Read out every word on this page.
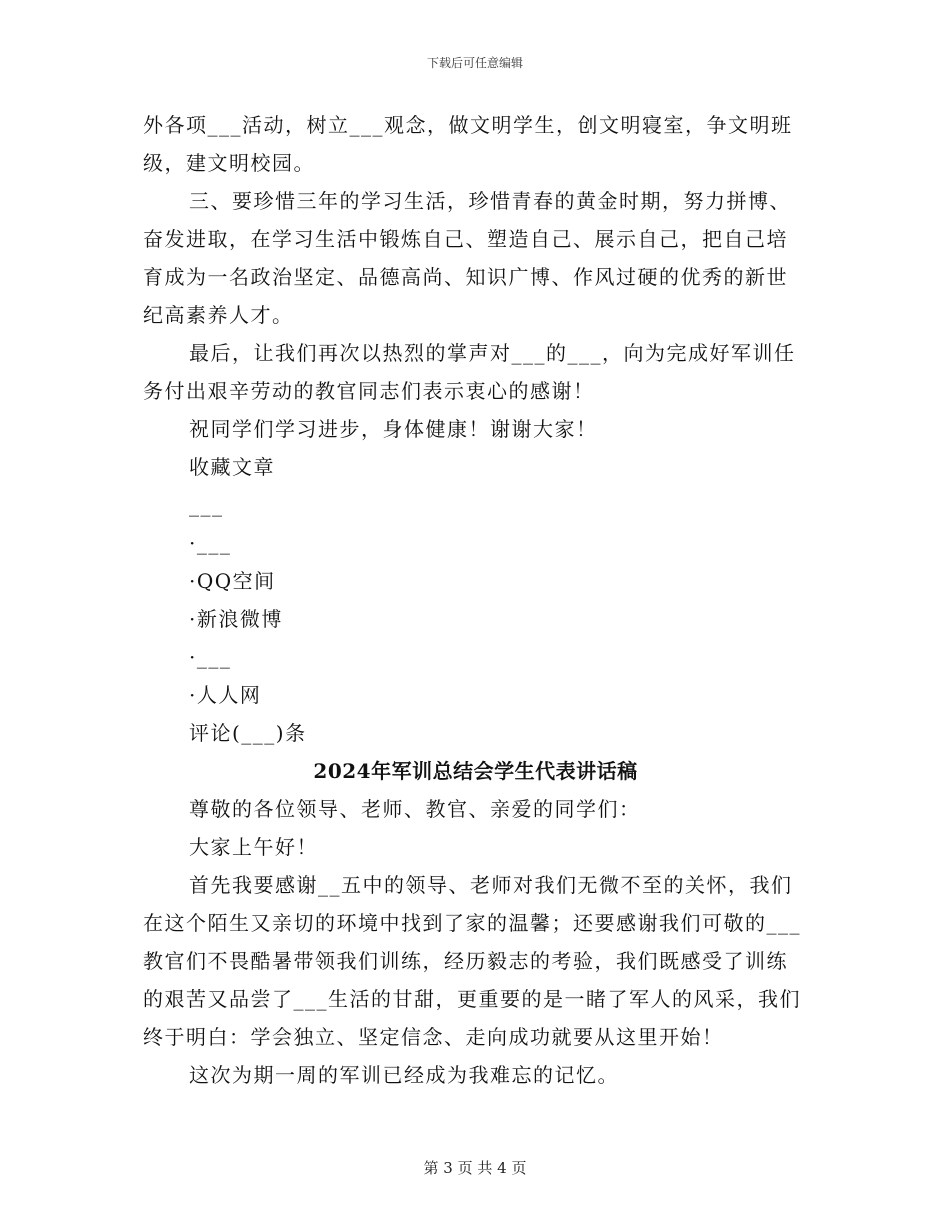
下载后可任意编辑
外各项___活动，树立___观念，做文明学生，创文明寝室，争文明班
级，建文明校园。
三、要珍惜三年的学习生活，珍惜青春的黄金时期，努力拼博、
奋发进取，在学习生活中锻炼自己、塑造自己、展示自己，把自己培
育成为一名政治坚定、品德高尚、知识广博、作风过硬的优秀的新世
纪高素养人才。
最后，让我们再次以热烈的掌声对___的___，向为完成好军训任
务付出艰辛劳动的教官同志们表示衷心的感谢！
祝同学们学习进步，身体健康！谢谢大家！
收藏文章
___
·___
·QQ空间
·新浪微博
·___
·人人网
评论(___)条
2024年军训总结会学生代表讲话稿
尊敬的各位领导、老师、教官、亲爱的同学们：
大家上午好！
首先我要感谢__五中的领导、老师对我们无微不至的关怀，我们
在这个陌生又亲切的环境中找到了家的温馨；还要感谢我们可敬的___
教官们不畏酷暑带领我们训练，经历毅志的考验，我们既感受了训练
的艰苦又品尝了___生活的甘甜，更重要的是一睹了军人的风采，我们
终于明白：学会独立、坚定信念、走向成功就要从这里开始！
这次为期一周的军训已经成为我难忘的记忆。
第 3 页 共 4 页
